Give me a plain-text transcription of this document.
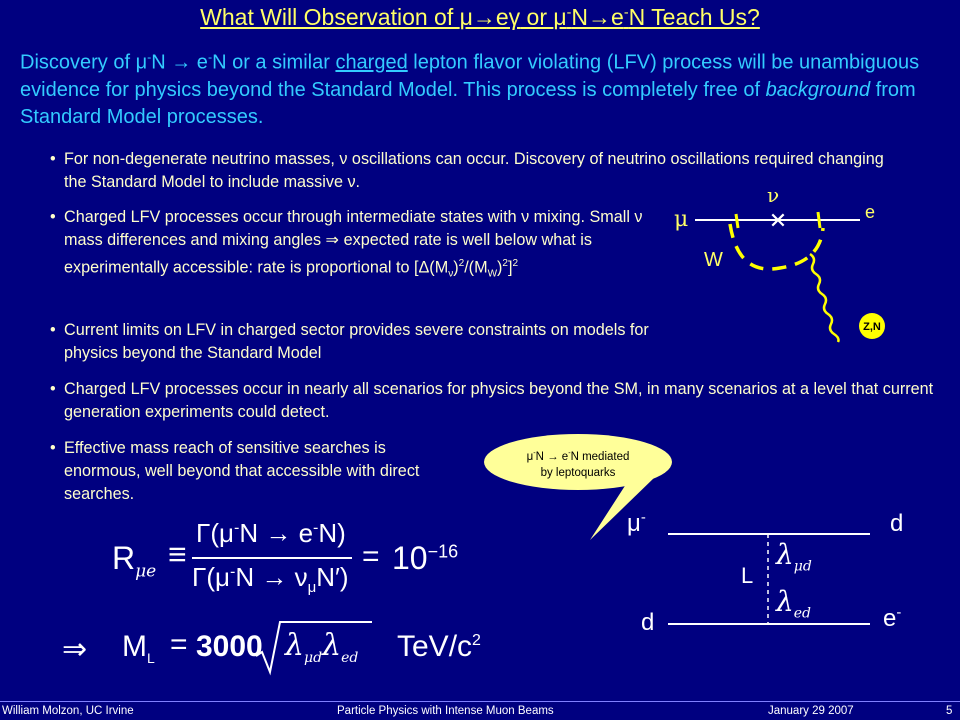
What Will Observation of μ→eγ or μ-N→e-N Teach Us?
Discovery of μ-N → e-N or a similar charged lepton flavor violating (LFV) process will be unambiguous evidence for physics beyond the Standard Model. This process is completely free of background from Standard Model processes.
• For non-degenerate neutrino masses, ν oscillations can occur. Discovery of neutrino oscillations required changing the Standard Model to include massive ν.
• Charged LFV processes occur through intermediate states with ν mixing. Small ν mass differences and mixing angles ⇒ expected rate is well below what is experimentally accessible: rate is proportional to $[\Delta(M_\nu)^2/(M_W)^2]^2$
• Current limits on LFV in charged sector provides severe constraints on models for physics beyond the Standard Model
• Charged LFV processes occur in nearly all scenarios for physics beyond the SM, in many scenarios at a level that current generation experiments could detect.
• Effective mass reach of sensitive searches is enormous, well beyond that accessible with direct searches.
Z,N
✕
μ
ν
e
W
μ-N → e-N mediated
by leptoquarks
μ-	d
d	e-
L
$\lambda_{\mu d}$
$\lambda_{ed}$
$R_{\mu e}$ ≡
Γ(μ-N → e-N)
$\Gamma(\mu^-N \to \nu_\mu N')$
= $10^{-16}$
⇒ $M_L = 3000$ $\lambda_{\mu d}\lambda_{ed}$ TeV/$c^2$
William Molzon, UC Irvine	Particle Physics with Intense Muon Beams	January 29 2007	5
